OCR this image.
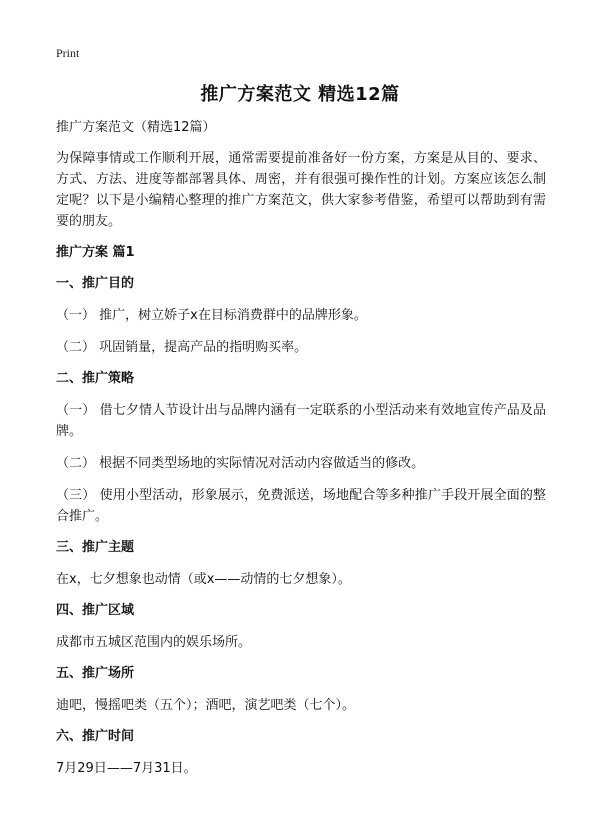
Print
推广方案范文 精选12篇
推广方案范文（精选12篇）
为保障事情或工作顺利开展，通常需要提前准备好一份方案，方案是从目的、要求、方式、方法、进度等都部署具体、周密，并有很强可操作性的计划。方案应该怎么制定呢？以下是小编精心整理的推广方案范文，供大家参考借鉴，希望可以帮助到有需要的朋友。
推广方案 篇1
一、推广目的
（一） 推广，树立娇子x在目标消费群中的品牌形象。
（二） 巩固销量，提高产品的指明购买率。
二、推广策略
（一） 借七夕情人节设计出与品牌内涵有一定联系的小型活动来有效地宣传产品及品牌。
（二） 根据不同类型场地的实际情况对活动内容做适当的修改。
（三） 使用小型活动，形象展示，免费派送，场地配合等多种推广手段开展全面的整合推广。
三、推广主题
在x，七夕想象也动情（或x——动情的七夕想象）。
四、推广区域
成都市五城区范围内的娱乐场所。
五、推广场所
迪吧，慢摇吧类（五个）；酒吧，演艺吧类（七个）。
六、推广时间
7月29日——7月31日。
